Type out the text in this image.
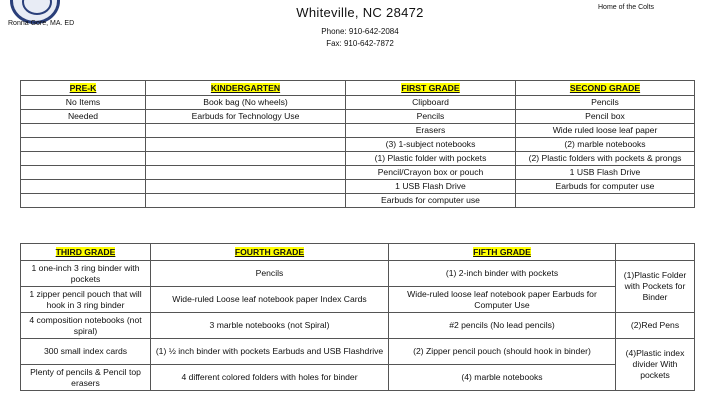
Ronna Gore, MA. ED
Home of the Colts
Whiteville, NC 28472
Phone: 910-642-2084
Fax: 910-642-7872
PRE-K	KINDERGARTEN	FIRST GRADE	SECOND GRADE
No Items	Book bag (No wheels)	Clipboard	Pencils
Needed	Earbuds for Technology Use	Pencils	Pencil box
		Erasers	Wide ruled loose leaf paper
		(3) 1-subject notebooks	(2) marble notebooks
		(1) Plastic folder with pockets	(2) Plastic folders with pockets & prongs
		Pencil/Crayon box or pouch	1 USB Flash Drive
		1 USB Flash Drive	Earbuds for computer use
		Earbuds for computer use	
THIRD GRADE	FOURTH GRADE	FIFTH GRADE	
1 one-inch 3 ring binder with pockets	Pencils	(1) 2-inch binder with pockets	(1)Plastic Folder with Pockets for Binder
1 zipper pencil pouch that will hook in 3 ring binder	Wide-ruled Loose leaf notebook paper Index Cards	Wide-ruled loose leaf notebook paper Earbuds for Computer Use	
4 composition notebooks (not spiral)	3 marble notebooks (not Spiral)	#2 pencils (No lead pencils)	(2)Red Pens
300 small index cards	(1) ½ inch binder with pockets Earbuds and USB Flashdrive	(2) Zipper pencil pouch (should hook in binder)	(4)Plastic index divider With pockets
Plenty of pencils & Pencil top erasers	4 different colored folders with holes for binder	(4) marble notebooks	
